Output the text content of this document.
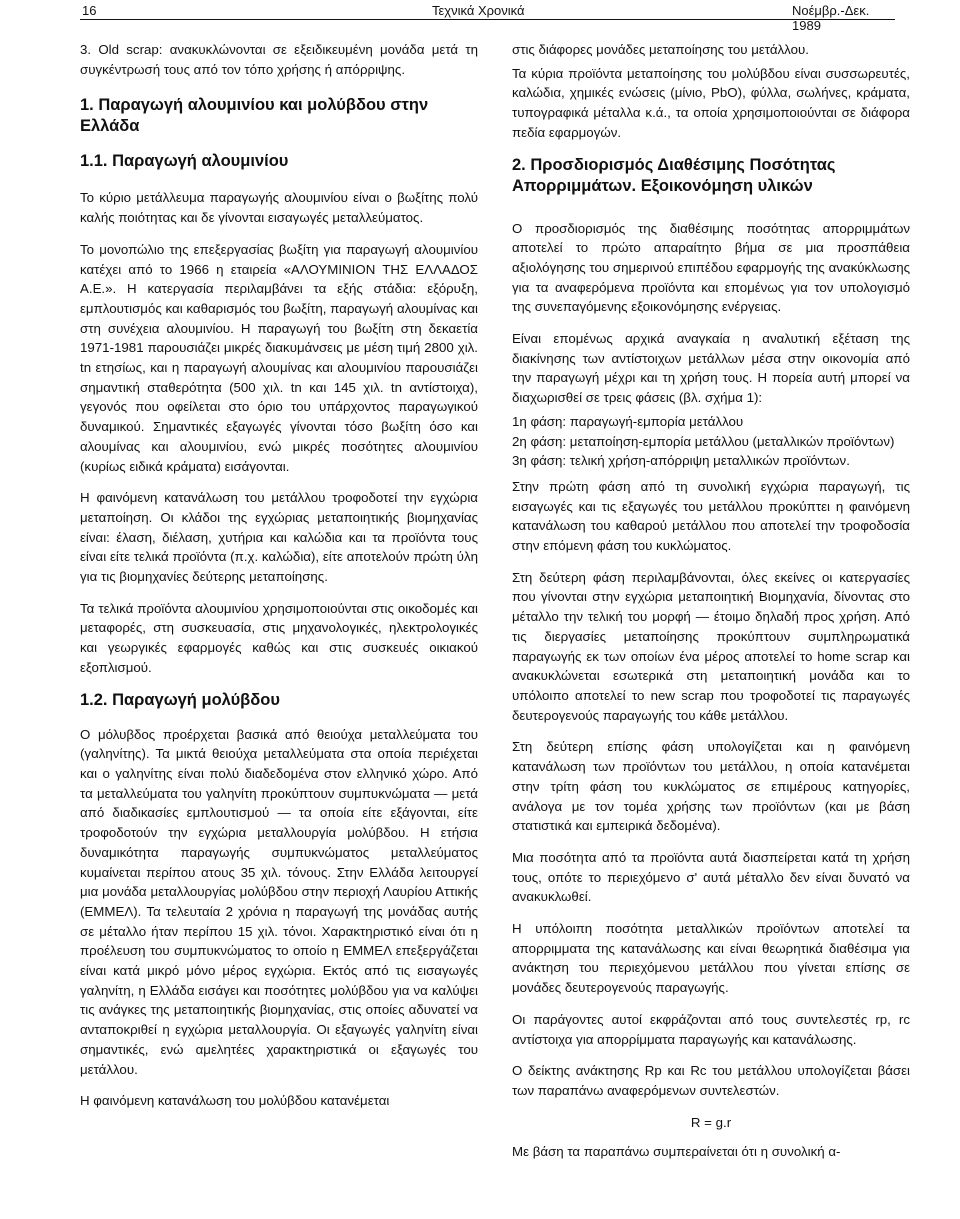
16	Τεχνικά Χρονικά	Νοέμβρ.-Δεκ. 1989

3. Old scrap: ανακυκλώνονται σε εξειδικευμένη μονάδα μετά τη συγκέντρωσή τους από τον τόπο χρήσης ή απόρριψης.

1. Παραγωγή αλουμινίου και μολύβδου στην Ελλάδα
1.1. Παραγωγή αλουμινίου

Το κύριο μετάλλευμα παραγωγής αλουμινίου είναι ο βωξίτης πολύ καλής ποιότητας και δε γίνονται εισαγωγές μεταλλεύματος.

Το μονοπώλιο της επεξεργασίας βωξίτη για παραγωγή αλουμινίου κατέχει από το 1966 η εταιρεία «ΑΛΟΥΜΙΝΙΟΝ ΤΗΣ ΕΛΛΑΔΟΣ Α.Ε.». Η κατεργασία περιλαμβάνει τα εξής στάδια: εξόρυξη, εμπλουτισμός και καθαρισμός του βωξίτη, παραγωγή αλουμίνας και στη συνέχεια αλουμινίου. Η παραγωγή του βωξίτη στη δεκαετία 1971-1981 παρουσιάζει μικρές διακυμάνσεις με μέση τιμή 2800 χιλ. tn ετησίως, και η παραγωγή αλουμίνας και αλουμινίου παρουσιάζει σημαντική σταθερότητα (500 χιλ. tn και 145 χιλ. tn αντίστοιχα), γεγονός που οφείλεται στο όριο του υπάρχοντος παραγωγικού δυναμικού. Σημαντικές εξαγωγές γίνονται τόσο βωξίτη όσο και αλουμίνας και αλουμινίου, ενώ μικρές ποσότητες αλουμινίου (κυρίως ειδικά κράματα) εισάγονται.

Η φαινόμενη κατανάλωση του μετάλλου τροφοδοτεί την εγχώρια μεταποίηση. Οι κλάδοι της εγχώριας μεταποιητικής βιομηχανίας είναι: έλαση, διέλαση, χυτήρια και καλώδια και τα προϊόντα τους είναι είτε τελικά προϊόντα (π.χ. καλώδια), είτε αποτελούν πρώτη ύλη για τις βιομηχανίες δεύτερης μεταποίησης.

Τα τελικά προϊόντα αλουμινίου χρησιμοποιούνται στις οικοδομές και μεταφορές, στη συσκευασία, στις μηχανολογικές, ηλεκτρολογικές και γεωργικές εφαρμογές καθώς και στις συσκευές οικιακού εξοπλισμού.

1.2. Παραγωγή μολύβδου

Ο μόλυβδος προέρχεται βασικά από θειούχα μεταλλεύματα του (γαληνίτης). Τα μικτά θειούχα μεταλλεύματα στα οποία περιέχεται και ο γαληνίτης είναι πολύ διαδεδομένα στον ελληνικό χώρο. Από τα μεταλλεύματα του γαληνίτη προκύπτουν συμπυκνώματα — μετά από διαδικασίες εμπλουτισμού — τα οποία είτε εξάγονται, είτε τροφοδοτούν την εγχώρια μεταλλουργία μολύβδου. Η ετήσια δυναμικότητα παραγωγής συμπυκνώματος μεταλλεύματος κυμαίνεται περίπου ατους 35 χιλ. τόνους. Στην Ελλάδα λειτουργεί μια μονάδα μεταλλουργίας μολύβδου στην περιοχή Λαυρίου Αττικής (ΕΜΜΕΛ). Τα τελευταία 2 χρόνια η παραγωγή της μονάδας αυτής σε μέταλλο ήταν περίπου 15 χιλ. τόνοι. Χαρακτηριστικό είναι ότι η προέλευση του συμπυκνώματος το οποίο η ΕΜΜΕΛ επεξεργάζεται είναι κατά μικρό μόνο μέρος εγχώρια. Εκτός από τις εισαγωγές γαληνίτη, η Ελλάδα εισάγει και ποσότητες μολύβδου για να καλύψει τις ανάγκες της μεταποιητικής βιομηχανίας, στις οποίες αδυνατεί να ανταποκριθεί η εγχώρια μεταλλουργία. Οι εξαγωγές γαληνίτη είναι σημαντικές, ενώ αμελητέες χαρακτηριστικά οι εξαγωγές του μετάλλου.

Η φαινόμενη κατανάλωση του μολύβδου κατανέμεται

στις διάφορες μονάδες μεταποίησης του μετάλλου.

Τα κύρια προϊόντα μεταποίησης του μολύβδου είναι συσσωρευτές, καλώδια, χημικές ενώσεις (μίνιο, PbO), φύλλα, σωλήνες, κράματα, τυπογραφικά μέταλλα κ.ά., τα οποία χρησιμοποιούνται σε διάφορα πεδία εφαρμογών.

2. Προσδιορισμός Διαθέσιμης Ποσότητας Απορριμμάτων. Εξοικονόμηση υλικών

Ο προσδιορισμός της διαθέσιμης ποσότητας απορριμμάτων αποτελεί το πρώτο απαραίτητο βήμα σε μια προσπάθεια αξιολόγησης του σημερινού επιπέδου εφαρμογής της ανακύκλωσης για τα αναφερόμενα προϊόντα και επομένως για τον υπολογισμό της συνεπαγόμενης εξοικονόμησης ενέργειας.

Είναι επομένως αρχικά αναγκαία η αναλυτική εξέταση της διακίνησης των αντίστοιχων μετάλλων μέσα στην οικονομία από την παραγωγή μέχρι και τη χρήση τους. Η πορεία αυτή μπορεί να διαχωρισθεί σε τρεις φάσεις (βλ. σχήμα 1):

1η φάση: παραγωγή-εμπορία μετάλλου
2η φάση: μεταποίηση-εμπορία μετάλλου (μεταλλικών προϊόντων)
3η φάση: τελική χρήση-απόρριψη μεταλλικών προϊόντων.

Στην πρώτη φάση από τη συνολική εγχώρια παραγωγή, τις εισαγωγές και τις εξαγωγές του μετάλλου προκύπτει η φαινόμενη κατανάλωση του καθαρού μετάλλου που αποτελεί την τροφοδοσία στην επόμενη φάση του κυκλώματος.

Στη δεύτερη φάση περιλαμβάνονται, όλες εκείνες οι κατεργασίες που γίνονται στην εγχώρια μεταποιητική Βιομηχανία, δίνοντας στο μέταλλο την τελική του μορφή — έτοιμο δηλαδή προς χρήση. Από τις διεργασίες μεταποίησης προκύπτουν συμπληρωματικά παραγωγής εκ των οποίων ένα μέρος αποτελεί το home scrap και ανακυκλώνεται εσωτερικά στη μεταποιητική μονάδα και το υπόλοιπο αποτελεί το new scrap που τροφοδοτεί τις παραγωγές δευτερογενούς παραγωγής του κάθε μετάλλου.

Στη δεύτερη επίσης φάση υπολογίζεται και η φαινόμενη κατανάλωση των προϊόντων του μετάλλου, η οποία κατανέμεται στην τρίτη φάση του κυκλώματος σε επιμέρους κατηγορίες, ανάλογα με τον τομέα χρήσης των προϊόντων (και με βάση στατιστικά και εμπειρικά δεδομένα).

Μια ποσότητα από τα προϊόντα αυτά διασπείρεται κατά τη χρήση τους, οπότε το περιεχόμενο σ' αυτά μέταλλο δεν είναι δυνατό να ανακυκλωθεί.

Η υπόλοιπη ποσότητα μεταλλικών προϊόντων αποτελεί τα απορριμματα της κατανάλωσης και είναι θεωρητικά διαθέσιμα για ανάκτηση του περιεχόμενου μετάλλου που γίνεται επίσης σε μονάδες δευτερογενούς παραγωγής.

Οι παράγοντες αυτοί εκφράζονται από τους συντελεστές rp, rc αντίστοιχα για απορρίμματα παραγωγής και κατανάλωσης.

Ο δείκτης ανάκτησης Rp και Rc του μετάλλου υπολογίζεται βάσει των παραπάνω αναφερόμενων συντελεστών.

R = g.r

Με βάση τα παραπάνω συμπεραίνεται ότι η συνολική α-
